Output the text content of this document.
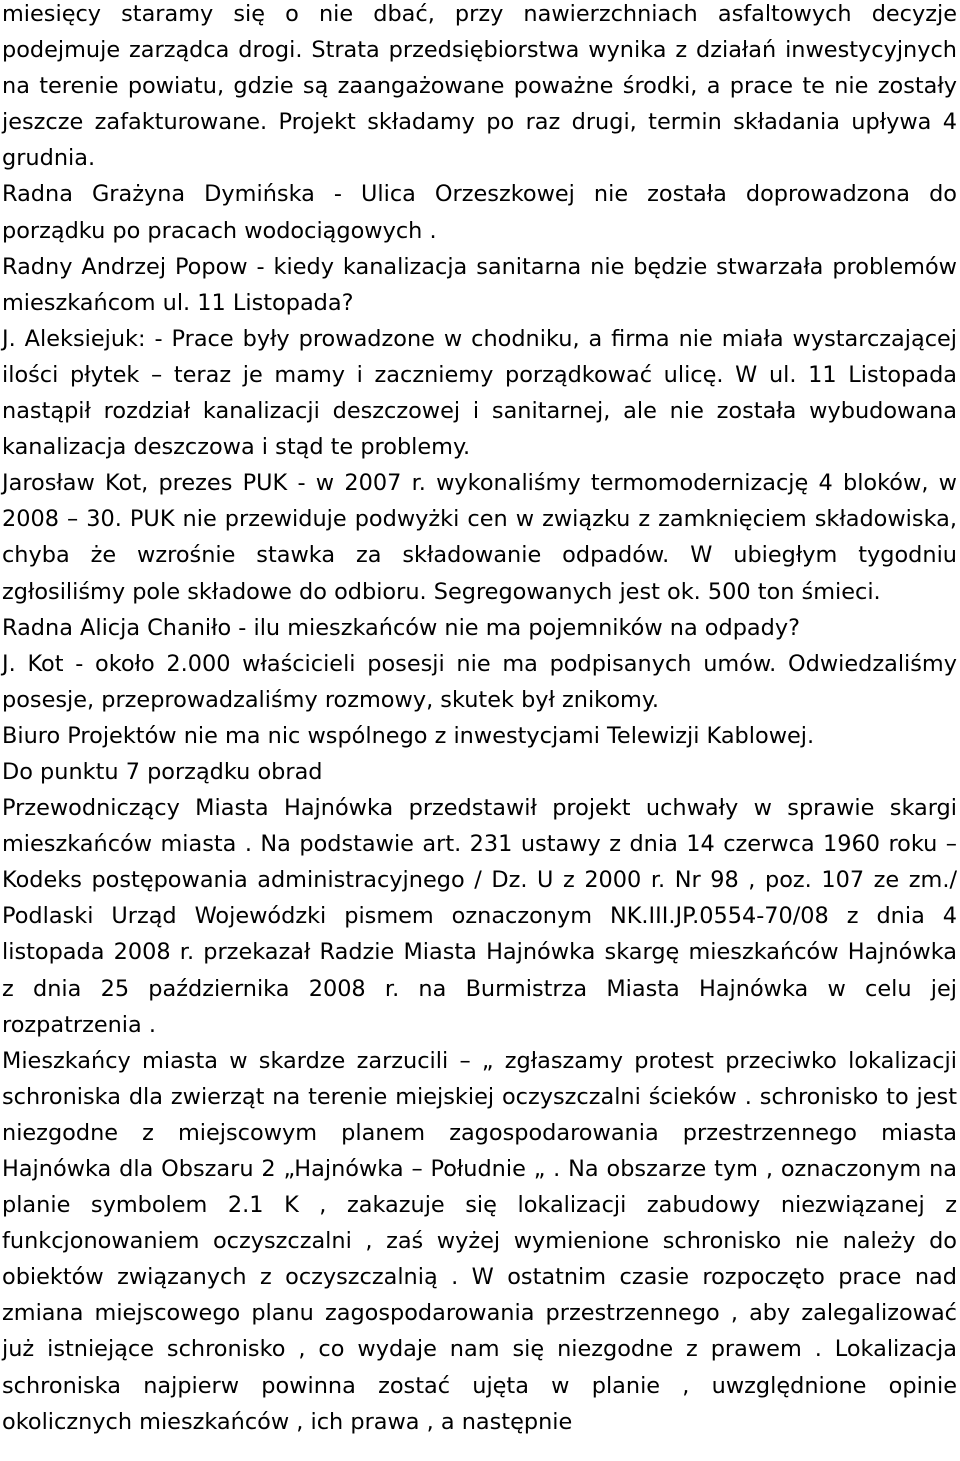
miesięcy staramy się o nie dbać, przy nawierzchniach asfaltowych decyzje podejmuje zarządca drogi. Strata przedsiębiorstwa wynika z działań inwestycyjnych na terenie powiatu, gdzie są zaangażowane poważne środki, a prace te nie zostały jeszcze zafakturowane. Projekt składamy po raz drugi, termin składania upływa 4 grudnia.

Radna Grażyna Dymińska - Ulica Orzeszkowej nie została doprowadzona do porządku po pracach wodociągowych .

Radny Andrzej Popow - kiedy kanalizacja sanitarna nie będzie stwarzała problemów mieszkańcom ul. 11 Listopada?

J. Aleksiejuk: - Prace były prowadzone w chodniku, a firma nie miała wystarczającej ilości płytek – teraz je mamy i zaczniemy porządkować ulicę. W ul. 11 Listopada nastąpił rozdział kanalizacji deszczowej i sanitarnej, ale nie została wybudowana kanalizacja deszczowa i stąd te problemy.

Jarosław Kot, prezes PUK - w 2007 r. wykonaliśmy termomodernizację 4 bloków, w 2008 – 30. PUK nie przewiduje podwyżki cen w związku z zamknięciem składowiska, chyba że wzrośnie stawka za składowanie odpadów. W ubiegłym tygodniu zgłosiliśmy pole składowe do odbioru. Segregowanych jest ok. 500 ton śmieci.

Radna Alicja Chaniło - ilu mieszkańców nie ma pojemników na odpady?

J. Kot - około 2.000 właścicieli posesji nie ma podpisanych umów. Odwiedzaliśmy posesje, przeprowadzaliśmy rozmowy, skutek był znikomy.

Biuro Projektów nie ma nic wspólnego z inwestycjami Telewizji Kablowej.

Do punktu 7 porządku obrad

Przewodniczący Miasta Hajnówka przedstawił projekt uchwały w sprawie skargi mieszkańców miasta . Na podstawie art. 231 ustawy z dnia 14 czerwca 1960 roku – Kodeks postępowania administracyjnego / Dz. U z 2000 r. Nr 98 , poz. 107 ze zm./ Podlaski Urząd Wojewódzki pismem oznaczonym NK.III.JP.0554-70/08 z dnia 4 listopada 2008 r. przekazał Radzie Miasta Hajnówka skargę mieszkańców Hajnówka z dnia 25 października 2008 r. na Burmistrza Miasta Hajnówka w celu jej rozpatrzenia .

Mieszkańcy miasta w skardze zarzucili – „ zgłaszamy protest przeciwko lokalizacji schroniska dla zwierząt na terenie miejskiej oczyszczalni ścieków . schronisko to jest niezgodne z miejscowym planem zagospodarowania przestrzennego miasta Hajnówka dla Obszaru 2 „Hajnówka – Południe „ . Na obszarze tym , oznaczonym na planie symbolem 2.1 K , zakazuje się lokalizacji zabudowy niezwiązanej z funkcjonowaniem oczyszczalni , zaś wyżej wymienione schronisko nie należy do obiektów związanych z oczyszczalnią . W ostatnim czasie rozpoczęto prace nad zmiana miejscowego planu zagospodarowania przestrzennego , aby zalegalizować już istniejące schronisko , co wydaje nam się niezgodne z prawem . Lokalizacja schroniska najpierw powinna zostać ujęta w planie , uwzględnione opinie okolicznych mieszkańców , ich prawa , a następnie
